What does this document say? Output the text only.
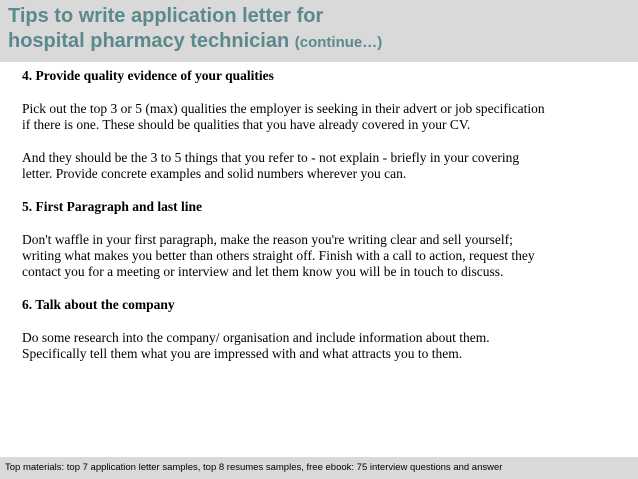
Tips to write application letter for
hospital pharmacy technician (continue…)

4. Provide quality evidence of your qualities

Pick out the top 3 or 5 (max) qualities the employer is seeking in their advert or job specification
if there is one. These should be qualities that you have already covered in your CV.

And they should be the 3 to 5 things that you refer to - not explain - briefly in your covering
letter. Provide concrete examples and solid numbers wherever you can.

5. First Paragraph and last line

Don't waffle in your first paragraph, make the reason you're writing clear and sell yourself;
writing what makes you better than others straight off. Finish with a call to action, request they
contact you for a meeting or interview and let them know you will be in touch to discuss.

6. Talk about the company

Do some research into the company/ organisation and include information about them.
Specifically tell them what you are impressed with and what attracts you to them.

Top materials: top 7 application letter samples, top 8 resumes samples, free ebook: 75 interview questions and answer
